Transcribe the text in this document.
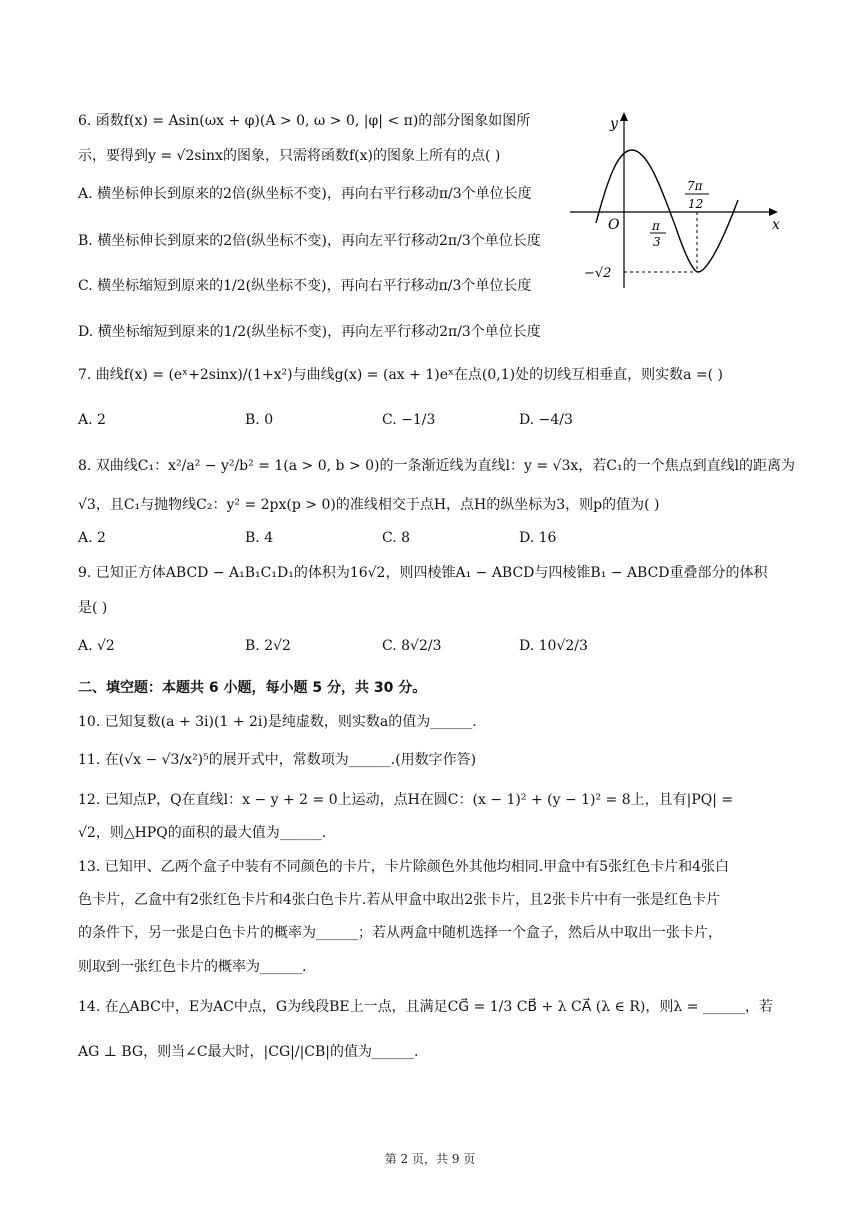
6. 函数f(x) = Asin(ωx + φ)(A > 0, ω > 0, |φ| < π)的部分图象如图所
示，要得到y = √2sinx的图象，只需将函数f(x)的图象上所有的点( )
A. 横坐标伸长到原来的2倍(纵坐标不变)，再向右平行移动π/3个单位长度
B. 横坐标伸长到原来的2倍(纵坐标不变)，再向左平行移动2π/3个单位长度
C. 横坐标缩短到原来的1/2(纵坐标不变)，再向右平行移动π/3个单位长度
D. 横坐标缩短到原来的1/2(纵坐标不变)，再向左平行移动2π/3个单位长度
y
x
O	π
3
7π
12
−√2
7. 曲线f(x) = (eˣ+2sinx)/(1+x²)与曲线g(x) = (ax + 1)eˣ在点(0,1)处的切线互相垂直，则实数a =( )
A. 2	B. 0	C. −1/3	D. −4/3
8. 双曲线C₁：x²/a² − y²/b² = 1(a > 0, b > 0)的一条渐近线为直线l：y = √3x，若C₁的一个焦点到直线l的距离为
√3，且C₁与抛物线C₂：y² = 2px(p > 0)的准线相交于点H，点H的纵坐标为3，则p的值为( )
A. 2	B. 4	C. 8	D. 16
9. 已知正方体ABCD − A₁B₁C₁D₁的体积为16√2，则四棱锥A₁ − ABCD与四棱锥B₁ − ABCD重叠部分的体积
是( )
A. √2	B. 2√2	C. 8√2/3	D. 10√2/3
二、填空题：本题共 6 小题，每小题 5 分，共 30 分。
10. 已知复数(a + 3i)(1 + 2i)是纯虚数，则实数a的值为______.
11. 在(√x − √3/x²)⁵的展开式中，常数项为______.(用数字作答)
12. 已知点P，Q在直线l：x − y + 2 = 0上运动，点H在圆C：(x − 1)² + (y − 1)² = 8上，且有|PQ| =
√2，则△HPQ的面积的最大值为______.
13. 已知甲、乙两个盒子中装有不同颜色的卡片，卡片除颜色外其他均相同.甲盒中有5张红色卡片和4张白
色卡片，乙盒中有2张红色卡片和4张白色卡片.若从甲盒中取出2张卡片，且2张卡片中有一张是红色卡片
的条件下，另一张是白色卡片的概率为______；若从两盒中随机选择一个盒子，然后从中取出一张卡片，
则取到一张红色卡片的概率为______.
14. 在△ABC中，E为AC中点，G为线段BE上一点，且满足CG⃗ = 1/3 CB⃗ + λ CA⃗ (λ ∈ R)，则λ = ______，若
AG ⊥ BG，则当∠C最大时，|CG|/|CB|的值为______.
第 2 页，共 9 页
